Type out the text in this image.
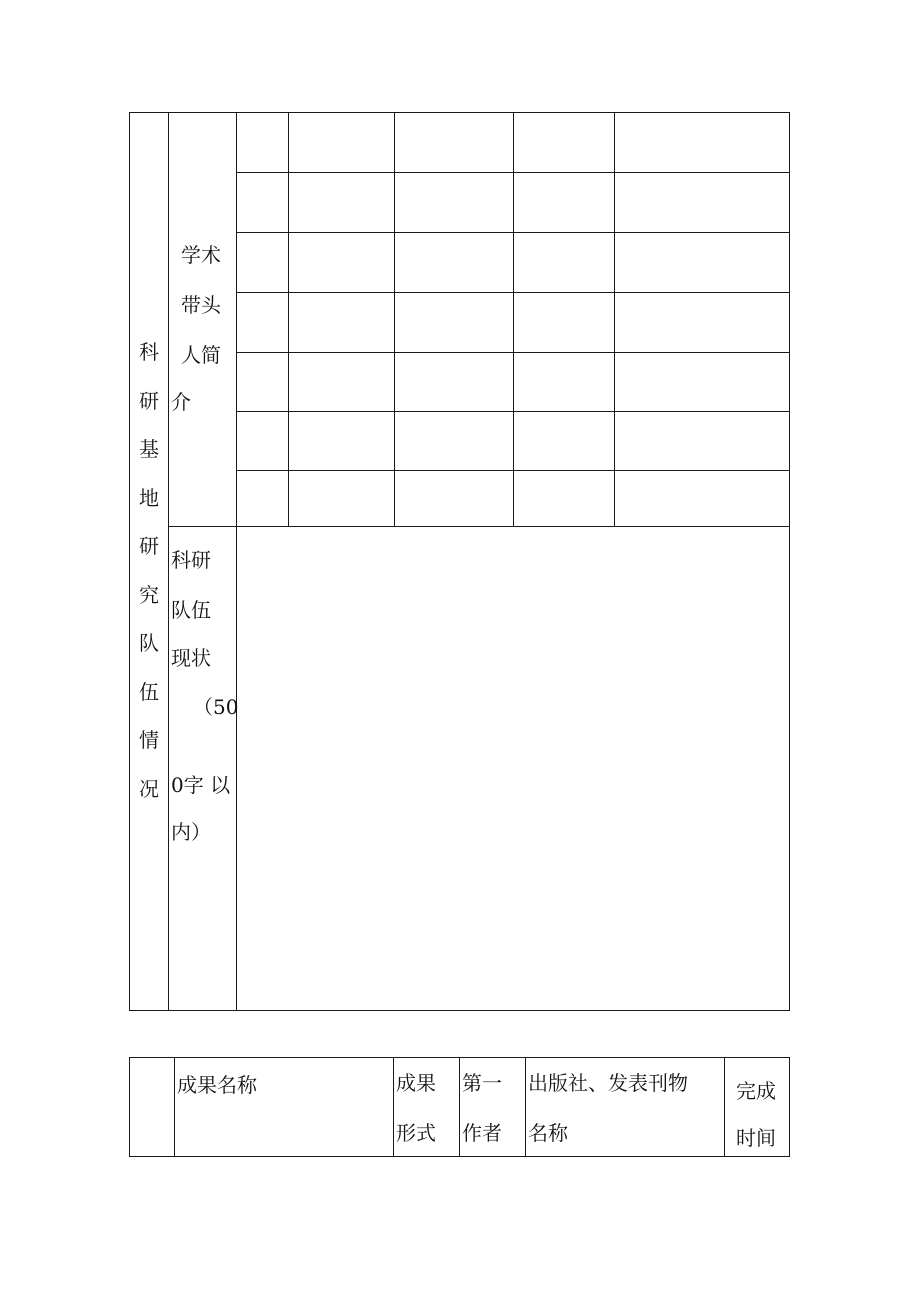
科
研
基
地
研
究
队
伍
情
况
学术
带头
人简
介
科研
队伍
现状
（50
0字 以
内）
成果名称	成果
形式
第一
作者
出版社、发表刊物
名称
完成
时间
